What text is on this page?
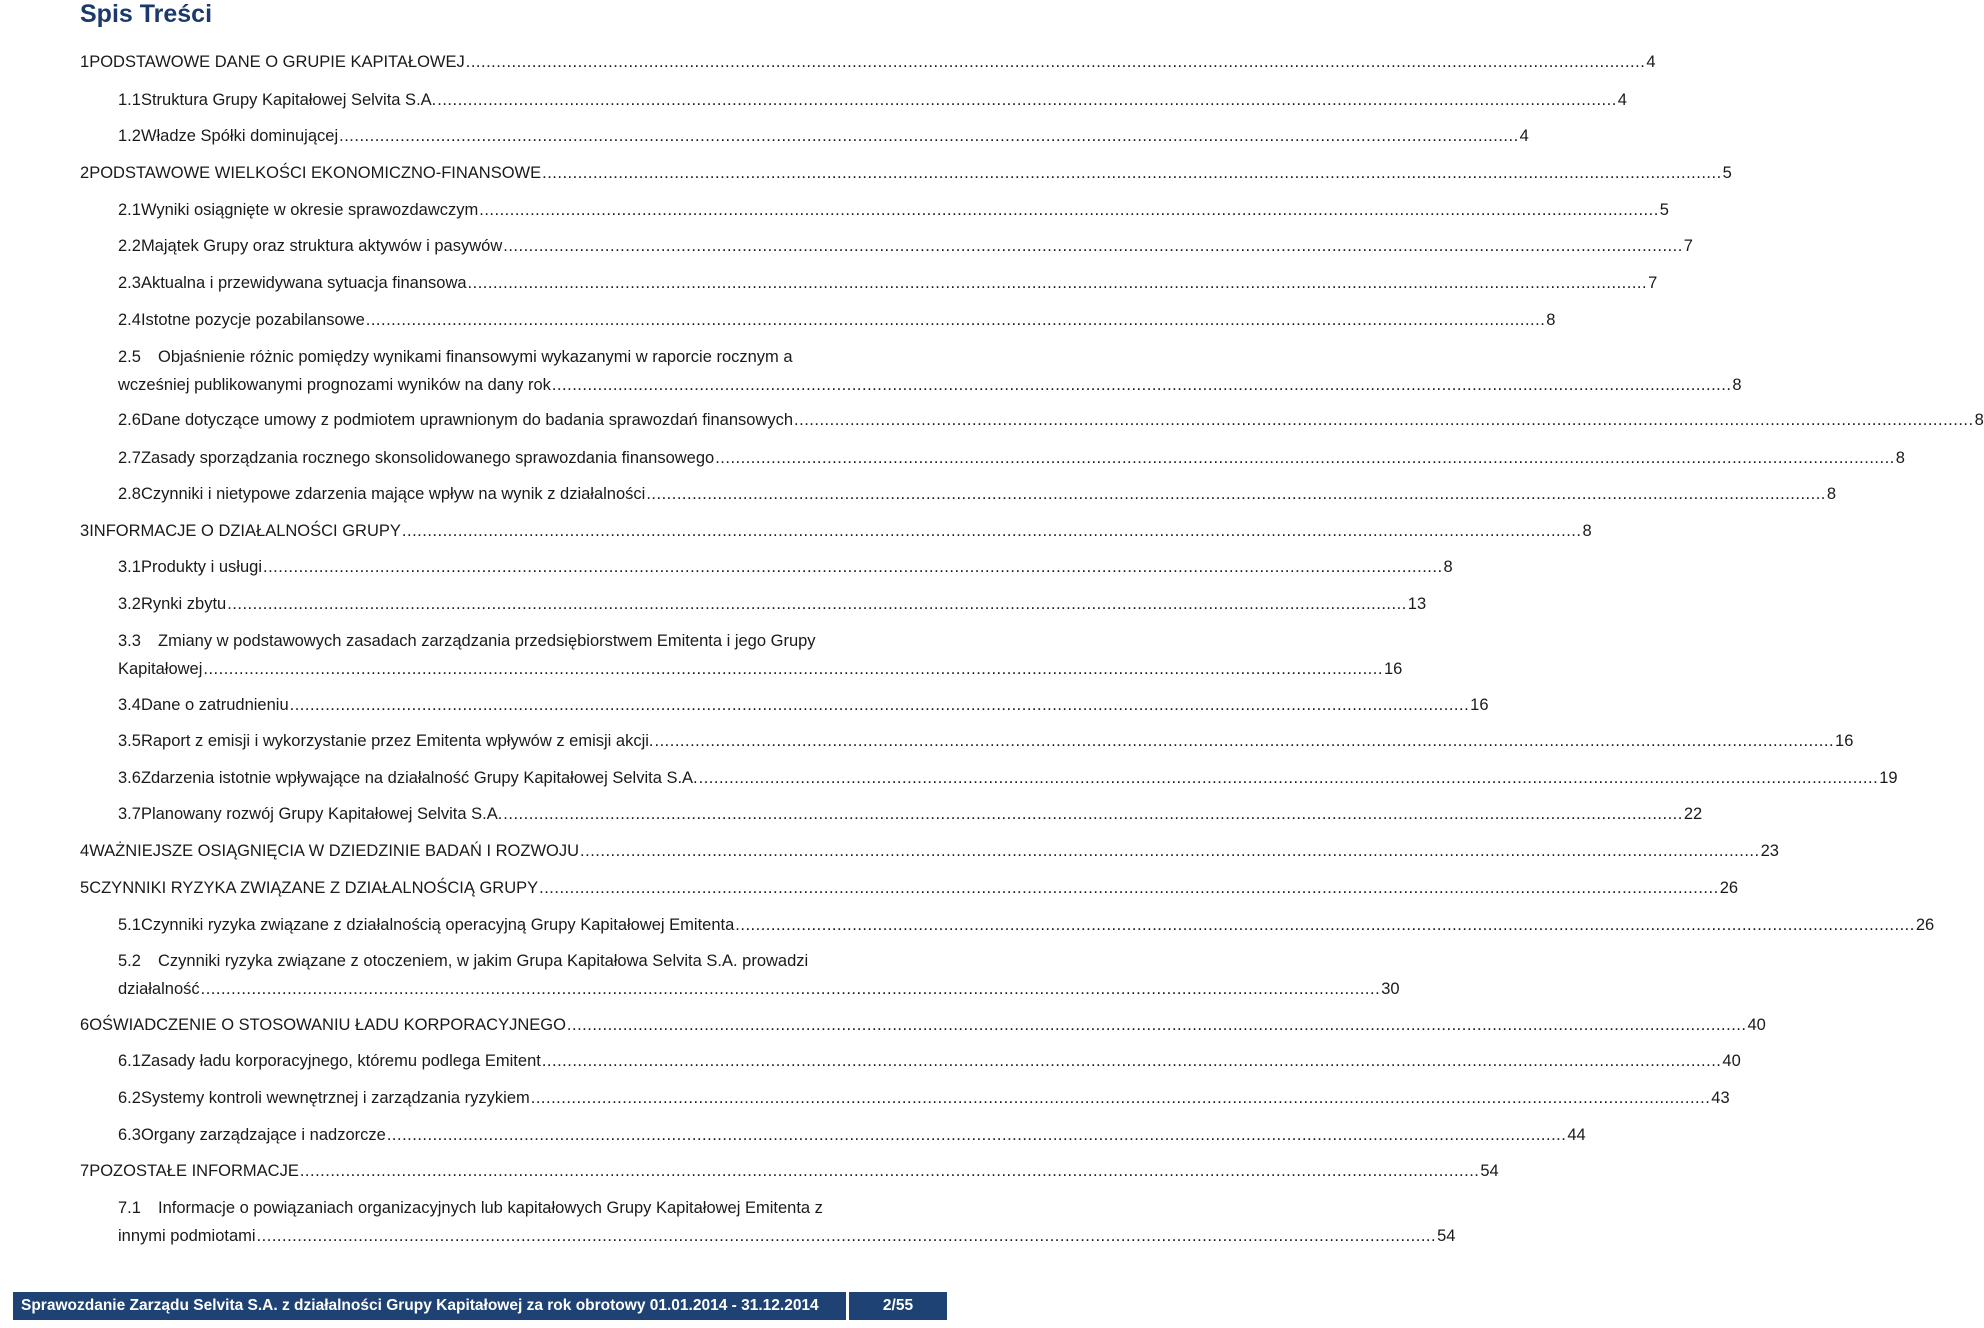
Spis Treści
1 PODSTAWOWE DANE O GRUPIE KAPITAŁOWEJ .....	4
1.1 Struktura Grupy Kapitałowej Selvita S.A. .....	4
1.2 Władze Spółki dominującej .....	4
2 PODSTAWOWE WIELKOŚCI EKONOMICZNO-FINANSOWE .....	5
2.1 Wyniki osiągnięte w okresie sprawozdawczym .....	5
2.2 Majątek Grupy oraz struktura aktywów i pasywów .....	7
2.3 Aktualna i przewidywana sytuacja finansowa .....	7
2.4 Istotne pozycje pozabilansowe .....	8
2.5	Objaśnienie różnic pomiędzy wynikami finansowymi wykazanymi w raporcie rocznym a
wcześniej publikowanymi prognozami wyników na dany rok .....	8
2.6 Dane dotyczące umowy z podmiotem uprawnionym do badania sprawozdań finansowych .....	8
2.7 Zasady sporządzania rocznego skonsolidowanego sprawozdania finansowego .....	8
2.8 Czynniki i nietypowe zdarzenia mające wpływ na wynik z działalności .....	8
3 INFORMACJE O DZIAŁALNOŚCI GRUPY .....	8
3.1 Produkty i usługi .....	8
3.2 Rynki zbytu .....	13
3.3	Zmiany w podstawowych zasadach zarządzania przedsiębiorstwem Emitenta i jego Grupy
Kapitałowej .....	16
3.4 Dane o zatrudnieniu .....	16
3.5 Raport z emisji i wykorzystanie przez Emitenta wpływów z emisji akcji. .....	16
3.6 Zdarzenia istotnie wpływające na działalność Grupy Kapitałowej Selvita S.A. .....	19
3.7 Planowany rozwój Grupy Kapitałowej Selvita S.A. .....	22
4 WAŻNIEJSZE OSIĄGNIĘCIA W DZIEDZINIE BADAŃ I ROZWOJU .....	23
5 CZYNNIKI RYZYKA ZWIĄZANE Z DZIAŁALNOŚCIĄ GRUPY .....	26
5.1 Czynniki ryzyka związane z działalnością operacyjną Grupy Kapitałowej Emitenta .....	26
5.2	Czynniki ryzyka związane z otoczeniem, w jakim Grupa Kapitałowa Selvita S.A. prowadzi
działalność .....	30
6 OŚWIADCZENIE O STOSOWANIU ŁADU KORPORACYJNEGO .....	40
6.1 Zasady ładu korporacyjnego, któremu podlega Emitent .....	40
6.2 Systemy kontroli wewnętrznej i zarządzania ryzykiem .....	43
6.3 Organy zarządzające i nadzorcze .....	44
7 POZOSTAŁE INFORMACJE .....	54
7.1	Informacje o powiązaniach organizacyjnych lub kapitałowych Grupy Kapitałowej Emitenta z
innymi podmiotami .....	54
Sprawozdanie Zarządu Selvita S.A. z działalności Grupy Kapitałowej za rok obrotowy 01.01.2014 - 31.12.2014	2/55
